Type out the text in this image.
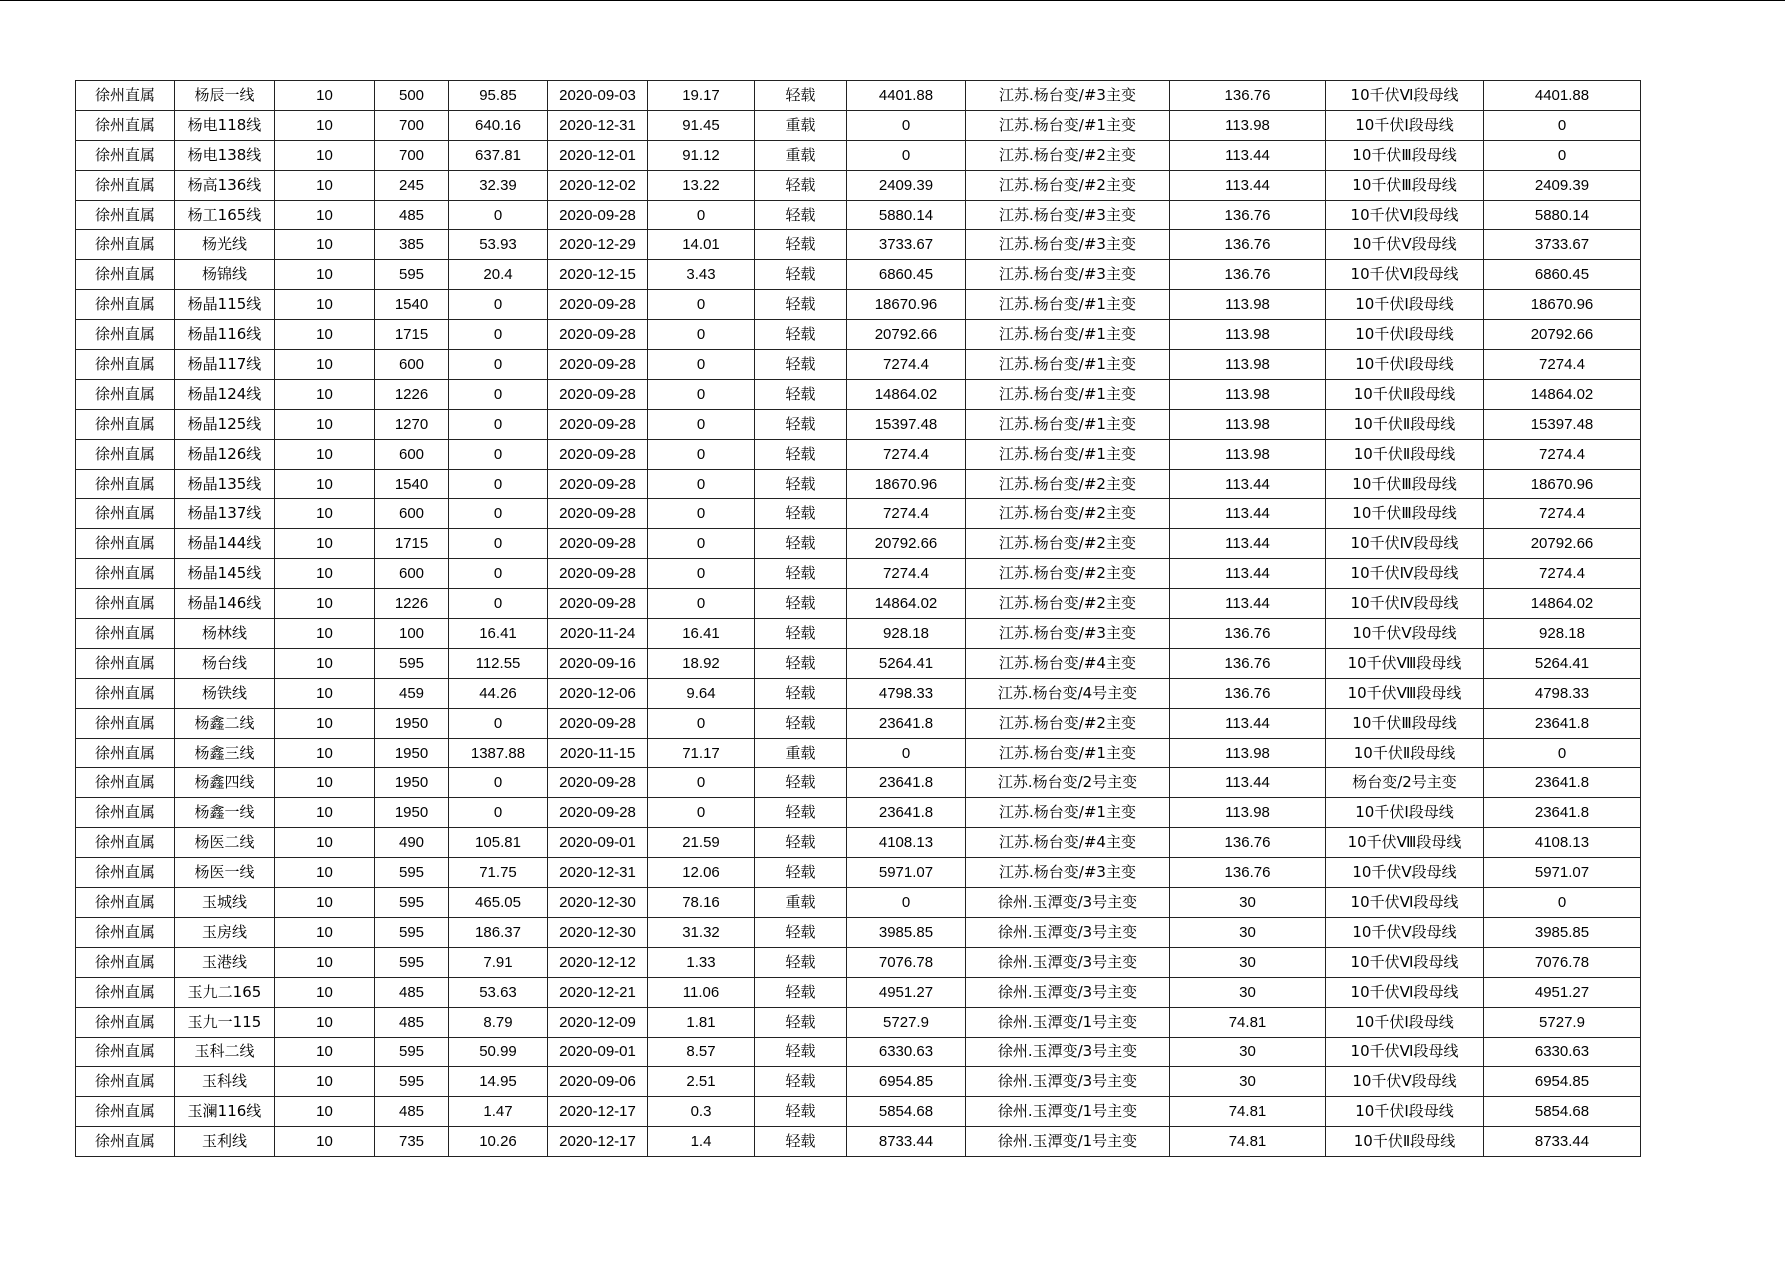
徐州直属	杨辰一线	10	500	95.85	2020-09-03	19.17	轻载	4401.88	江苏.杨台变/#3主变	136.76	10千伏Ⅵ段母线	4401.88
徐州直属	杨电118线	10	700	640.16	2020-12-31	91.45	重载	0	江苏.杨台变/#1主变	113.98	10千伏Ⅰ段母线	0
徐州直属	杨电138线	10	700	637.81	2020-12-01	91.12	重载	0	江苏.杨台变/#2主变	113.44	10千伏Ⅲ段母线	0
徐州直属	杨高136线	10	245	32.39	2020-12-02	13.22	轻载	2409.39	江苏.杨台变/#2主变	113.44	10千伏Ⅲ段母线	2409.39
徐州直属	杨工165线	10	485	0	2020-09-28	0	轻载	5880.14	江苏.杨台变/#3主变	136.76	10千伏Ⅵ段母线	5880.14
徐州直属	杨光线	10	385	53.93	2020-12-29	14.01	轻载	3733.67	江苏.杨台变/#3主变	136.76	10千伏Ⅴ段母线	3733.67
徐州直属	杨锦线	10	595	20.4	2020-12-15	3.43	轻载	6860.45	江苏.杨台变/#3主变	136.76	10千伏Ⅵ段母线	6860.45
徐州直属	杨晶115线	10	1540	0	2020-09-28	0	轻载	18670.96	江苏.杨台变/#1主变	113.98	10千伏Ⅰ段母线	18670.96
徐州直属	杨晶116线	10	1715	0	2020-09-28	0	轻载	20792.66	江苏.杨台变/#1主变	113.98	10千伏Ⅰ段母线	20792.66
徐州直属	杨晶117线	10	600	0	2020-09-28	0	轻载	7274.4	江苏.杨台变/#1主变	113.98	10千伏Ⅰ段母线	7274.4
徐州直属	杨晶124线	10	1226	0	2020-09-28	0	轻载	14864.02	江苏.杨台变/#1主变	113.98	10千伏Ⅱ段母线	14864.02
徐州直属	杨晶125线	10	1270	0	2020-09-28	0	轻载	15397.48	江苏.杨台变/#1主变	113.98	10千伏Ⅱ段母线	15397.48
徐州直属	杨晶126线	10	600	0	2020-09-28	0	轻载	7274.4	江苏.杨台变/#1主变	113.98	10千伏Ⅱ段母线	7274.4
徐州直属	杨晶135线	10	1540	0	2020-09-28	0	轻载	18670.96	江苏.杨台变/#2主变	113.44	10千伏Ⅲ段母线	18670.96
徐州直属	杨晶137线	10	600	0	2020-09-28	0	轻载	7274.4	江苏.杨台变/#2主变	113.44	10千伏Ⅲ段母线	7274.4
徐州直属	杨晶144线	10	1715	0	2020-09-28	0	轻载	20792.66	江苏.杨台变/#2主变	113.44	10千伏Ⅳ段母线	20792.66
徐州直属	杨晶145线	10	600	0	2020-09-28	0	轻载	7274.4	江苏.杨台变/#2主变	113.44	10千伏Ⅳ段母线	7274.4
徐州直属	杨晶146线	10	1226	0	2020-09-28	0	轻载	14864.02	江苏.杨台变/#2主变	113.44	10千伏Ⅳ段母线	14864.02
徐州直属	杨林线	10	100	16.41	2020-11-24	16.41	轻载	928.18	江苏.杨台变/#3主变	136.76	10千伏Ⅴ段母线	928.18
徐州直属	杨台线	10	595	112.55	2020-09-16	18.92	轻载	5264.41	江苏.杨台变/#4主变	136.76	10千伏Ⅷ段母线	5264.41
徐州直属	杨铁线	10	459	44.26	2020-12-06	9.64	轻载	4798.33	江苏.杨台变/4号主变	136.76	10千伏Ⅷ段母线	4798.33
徐州直属	杨鑫二线	10	1950	0	2020-09-28	0	轻载	23641.8	江苏.杨台变/#2主变	113.44	10千伏Ⅲ段母线	23641.8
徐州直属	杨鑫三线	10	1950	1387.88	2020-11-15	71.17	重载	0	江苏.杨台变/#1主变	113.98	10千伏Ⅱ段母线	0
徐州直属	杨鑫四线	10	1950	0	2020-09-28	0	轻载	23641.8	江苏.杨台变/2号主变	113.44	杨台变/2号主变	23641.8
徐州直属	杨鑫一线	10	1950	0	2020-09-28	0	轻载	23641.8	江苏.杨台变/#1主变	113.98	10千伏Ⅰ段母线	23641.8
徐州直属	杨医二线	10	490	105.81	2020-09-01	21.59	轻载	4108.13	江苏.杨台变/#4主变	136.76	10千伏Ⅷ段母线	4108.13
徐州直属	杨医一线	10	595	71.75	2020-12-31	12.06	轻载	5971.07	江苏.杨台变/#3主变	136.76	10千伏Ⅴ段母线	5971.07
徐州直属	玉城线	10	595	465.05	2020-12-30	78.16	重载	0	徐州.玉潭变/3号主变	30	10千伏Ⅵ段母线	0
徐州直属	玉房线	10	595	186.37	2020-12-30	31.32	轻载	3985.85	徐州.玉潭变/3号主变	30	10千伏Ⅴ段母线	3985.85
徐州直属	玉港线	10	595	7.91	2020-12-12	1.33	轻载	7076.78	徐州.玉潭变/3号主变	30	10千伏Ⅵ段母线	7076.78
徐州直属	玉九二165	10	485	53.63	2020-12-21	11.06	轻载	4951.27	徐州.玉潭变/3号主变	30	10千伏Ⅵ段母线	4951.27
徐州直属	玉九一115	10	485	8.79	2020-12-09	1.81	轻载	5727.9	徐州.玉潭变/1号主变	74.81	10千伏Ⅰ段母线	5727.9
徐州直属	玉科二线	10	595	50.99	2020-09-01	8.57	轻载	6330.63	徐州.玉潭变/3号主变	30	10千伏Ⅵ段母线	6330.63
徐州直属	玉科线	10	595	14.95	2020-09-06	2.51	轻载	6954.85	徐州.玉潭变/3号主变	30	10千伏Ⅴ段母线	6954.85
徐州直属	玉澜116线	10	485	1.47	2020-12-17	0.3	轻载	5854.68	徐州.玉潭变/1号主变	74.81	10千伏Ⅰ段母线	5854.68
徐州直属	玉利线	10	735	10.26	2020-12-17	1.4	轻载	8733.44	徐州.玉潭变/1号主变	74.81	10千伏Ⅱ段母线	8733.44
